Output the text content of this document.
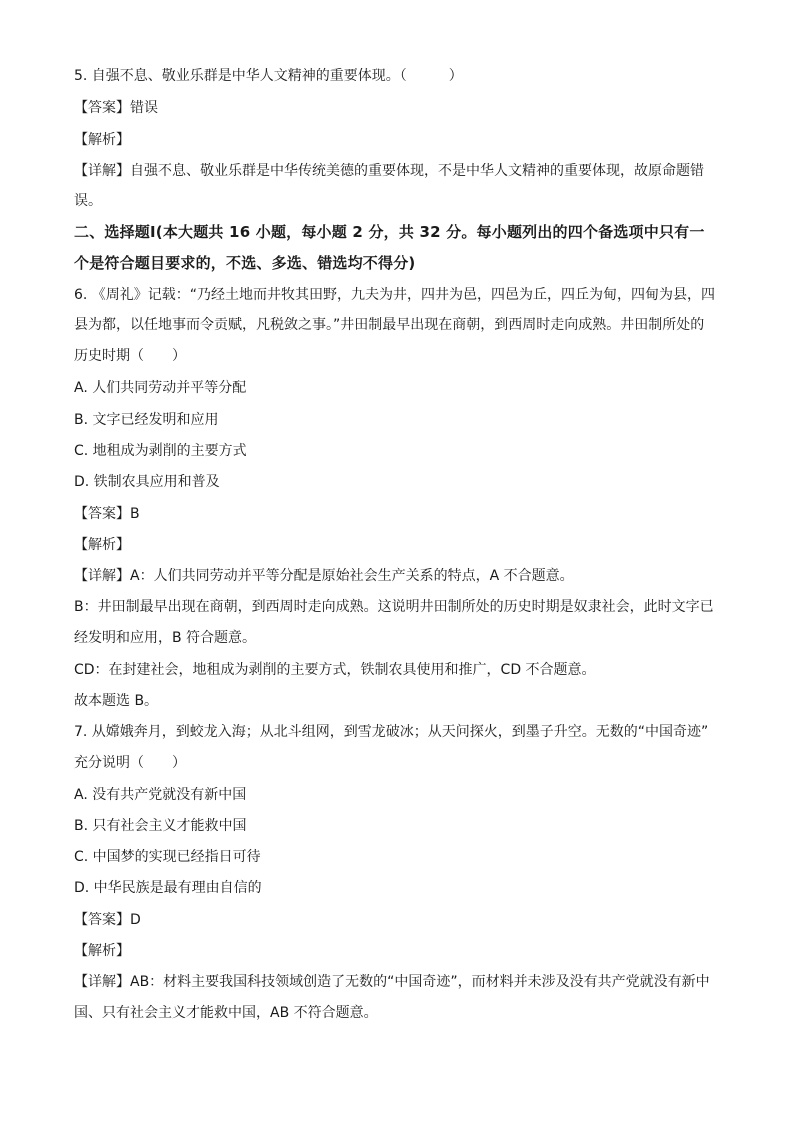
5. 自强不息、敬业乐群是中华人文精神的重要体现。（　　　）
【答案】错误
【解析】
【详解】自强不息、敬业乐群是中华传统美德的重要体现，不是中华人文精神的重要体现，故原命题错
误。
二、选择题Ⅰ(本大题共 16 小题，每小题 2 分，共 32 分。每小题列出的四个备选项中只有一
个是符合题目要求的，不选、多选、错选均不得分)
6. 《周礼》记载：“乃经土地而井牧其田野，九夫为井，四井为邑，四邑为丘，四丘为甸，四甸为县，四
县为都，以任地事而令贡赋，凡税敛之事。”井田制最早出现在商朝，到西周时走向成熟。井田制所处的
历史时期（　　）
A. 人们共同劳动并平等分配
B. 文字已经发明和应用
C. 地租成为剥削的主要方式
D. 铁制农具应用和普及
【答案】B
【解析】
【详解】A：人们共同劳动并平等分配是原始社会生产关系的特点，A 不合题意。
B：井田制最早出现在商朝，到西周时走向成熟。这说明井田制所处的历史时期是奴隶社会，此时文字已
经发明和应用，B 符合题意。
CD：在封建社会，地租成为剥削的主要方式，铁制农具使用和推广，CD 不合题意。
故本题选 B。
7. 从嫦娥奔月，到蛟龙入海；从北斗组网，到雪龙破冰；从天问探火，到墨子升空。无数的“中国奇迹”
充分说明（　　）
A. 没有共产党就没有新中国
B. 只有社会主义才能救中国
C. 中国梦的实现已经指日可待
D. 中华民族是最有理由自信的
【答案】D
【解析】
【详解】AB：材料主要我国科技领域创造了无数的“中国奇迹”，而材料并未涉及没有共产党就没有新中
国、只有社会主义才能救中国，AB 不符合题意。
